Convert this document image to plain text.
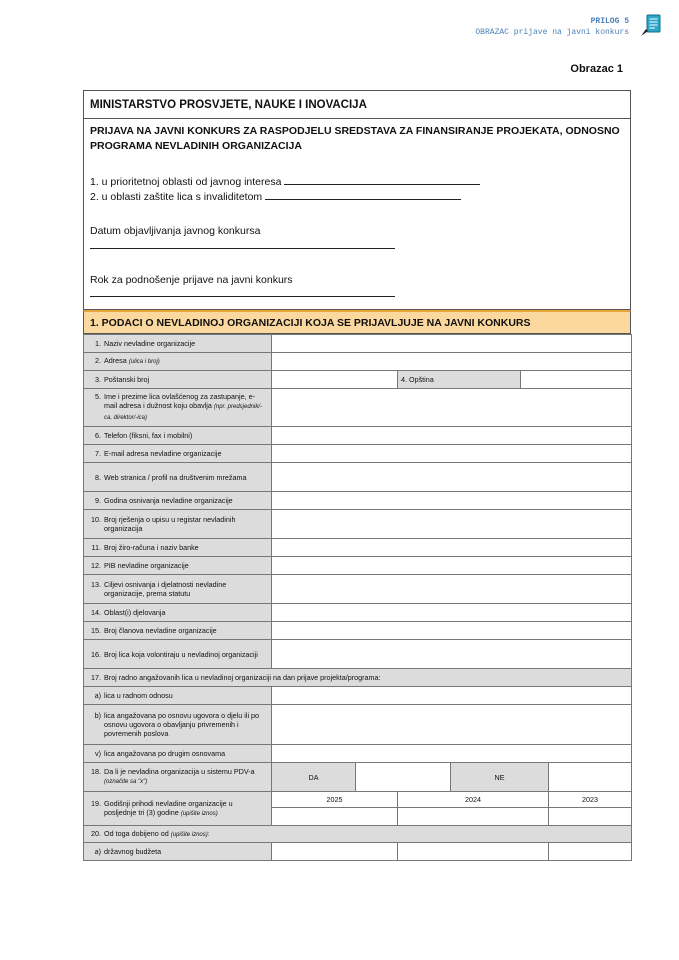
PRILOG 5
OBRAZAC prijave na javni konkurs
Obrazac 1
MINISTARSTVO PROSVJETE, NAUKE I INOVACIJA
PRIJAVA NA JAVNI KONKURS ZA RASPODJELU SREDSTAVA ZA FINANSIRANJE PROJEKATA, ODNOSNO PROGRAMA NEVLADINIH ORGANIZACIJA
1. u prioritetnoj oblasti od javnog interesa
2. u oblasti zaštite lica s invaliditetom
Datum objavljivanja javnog konkursa
Rok za podnošenje prijave na javni konkurs
1. PODACI O NEVLADINOJ ORGANIZACIJI KOJA SE PRIJAVLJUJE NA JAVNI KONKURS
1. Naziv nevladine organizacije						
2. Adresa (ulica i broj)						
3. Poštanski broj			4. Opština			
5. Ime i prezime lica ovlašćenog za zastupanje, e-mail adresa i dužnost koju obavlja (npr. predsjednik/-ca, direktor/-ica)						
6. Telefon (fiksni, fax i mobilni)						
7. E-mail adresa nevladine organizacije						
8. Web stranica / profil na društvenim mrežama						
9. Godina osnivanja nevladine organizacije						
10. Broj rješenja o upisu u registar nevladinih organizacija						
11. Broj žiro-računa i naziv banke						
12. PIB nevladine organizacije						
13. Ciljevi osnivanja i djelatnosti nevladine organizacije, prema statutu						
14. Oblast(i) djelovanja						
15. Broj članova nevladine organizacije						
16. Broj lica koja volontiraju u nevladinoj organizaciji						
17. Broj radno angažovanih lica u nevladinoj organizaciji na dan prijave projekta/programa:						
a) lica u radnom odnosu						
b) lica angažovana po osnovu ugovora o djelu ili po osnovu ugovora o obavljanju privremenih i povremenih poslova						
v) lica angažovana po drugim osnovama						
18. Da li je nevladina organizacija u sistemu PDV-a (označite sa "x")	DA			NE		
19. Godišnji prihodi nevladine organizacije u posljednje tri (3) godine (upišite iznos)	2025		2024			2023

20. Od toga dobijeno od (upišite iznos):						
a) državnog budžeta						
